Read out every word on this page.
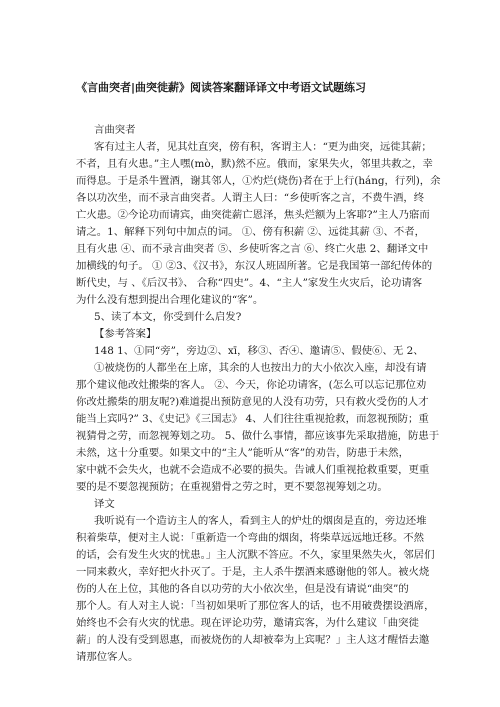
《言曲突者|曲突徙薪》阅读答案翻译译文中考语文试题练习
言曲突者
客有过主人者，见其灶直突，傍有积，客谓主人：“更为曲突，远徙其薪；
不者，且有火患。”主人嘿(mò，默)然不应。俄而，家果失火，邻里共救之，幸
而得息。于是杀牛置酒，谢其邻人，①灼烂(烧伤)者在于上行(háng，行列)，余
各以功次坐，而不录言曲突者。人谓主人曰：“乡使听客之言，不费牛酒，终
亡火患。②今论功而请宾，曲突徙薪亡恩泽，焦头烂额为上客耶?”主人乃寤而
请之。1、解释下列句中加点的词。 ①、傍有积薪 ②、远徙其薪 ③、不者，
且有火患 ④、而不录言曲突者 ⑤、乡使听客之言 ⑥、终亡火患 2、翻译文中
加横线的句子。 ① ②3、《汉书》，东汉人班固所著。它是我国第一部纪传体的
断代史，与 、《后汉书》、 合称“四史”。4、“主人”家发生火灾后，论功请客
为什么没有想到提出合理化建议的“客”。
5、读了本文，你受到什么启发?
【参考答案】
148 1、①同“旁”，旁边②、xī，移③、否④、邀请⑤、假使⑥、无 2、
①被烧伤的人都坐在上席，其余的人也按出力的大小依次入座，却没有请
那个建议他改灶搬柴的客人。 ②、今天，你论功请客，(怎么可以忘记那位劝
你改灶搬柴的朋友呢?)难道提出预防意见的人没有功劳，只有救火受伤的人才
能当上宾吗?” 3、《史记》《三国志》 4、人们往往重视抢救，而忽视预防；重
视猜骨之劳，而忽视筹划之功。 5、做什么事情，都应该事先采取措施，防患于
未然，这十分重要。如果文中的“主人”能听从“客”的劝告，防患于未然，
家中就不会失火，也就不会造成不必要的损失。告诫人们重视抢救重要，更重
要的是不要忽视预防；在重视猎骨之劳之时，更不要忽视筹划之功。
译文
我听说有一个造访主人的客人，看到主人的炉灶的烟囱是直的，旁边还堆
积着柴草，便对主人说：「重新造一个弯曲的烟囱，将柴草远远地迁移。不然
的话，会有发生火灾的忧患。」主人沉默不答应。不久，家里果然失火，邻居们
一同来救火，幸好把火扑灭了。于是，主人杀牛摆酒来感谢他的邻人。被火烧
伤的人在上位，其他的各自以功劳的大小依次坐，但是没有请说“曲突”的
那个人。有人对主人说：「当初如果听了那位客人的话，也不用破费摆设酒席，
始终也不会有火灾的忧患。现在评论功劳，邀请宾客，为什么建议「曲突徙
薪」的人没有受到恩惠，而被烧伤的人却被奉为上宾呢？」主人这才醒悟去邀
请那位客人。
